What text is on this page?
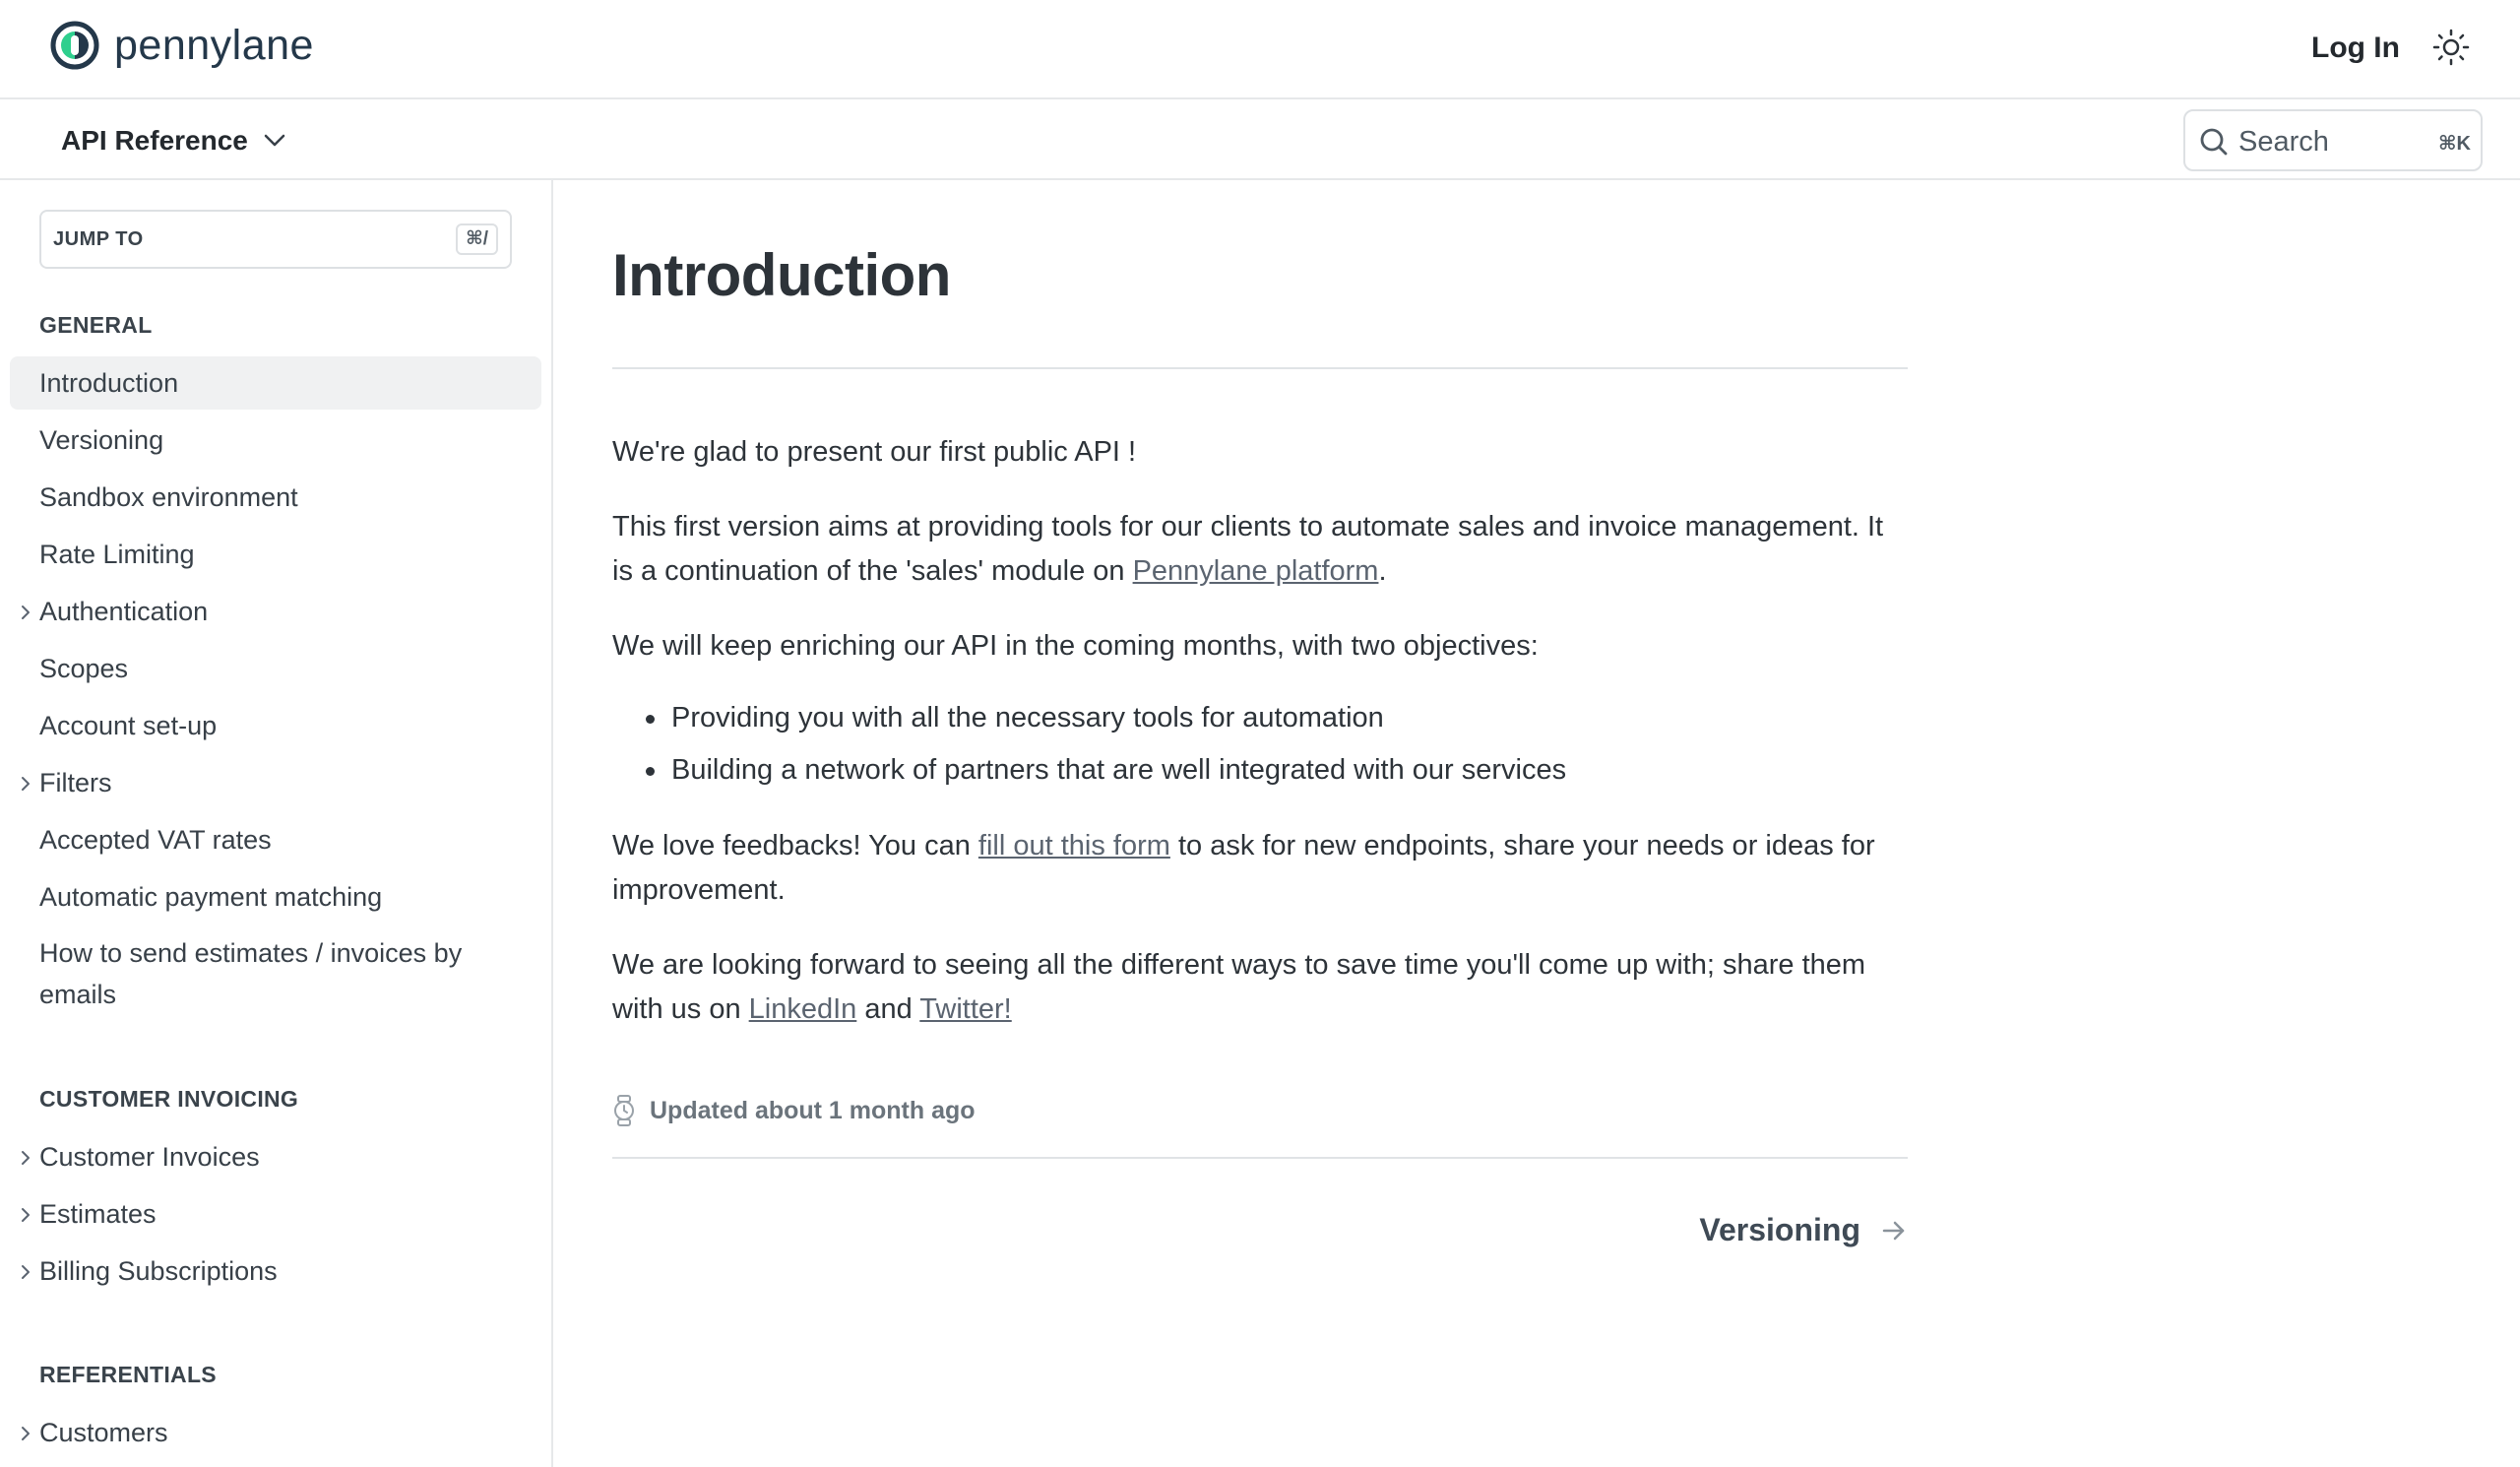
pennylane	Log In
API Reference	Search	⌘K
JUMP TO	⌘/
GENERAL
Introduction
Versioning
Sandbox environment
Rate Limiting
Authentication
Scopes
Account set-up
Filters
Accepted VAT rates
Automatic payment matching
How to send estimates / invoices by emails
CUSTOMER INVOICING
Customer Invoices
Estimates
Billing Subscriptions
REFERENTIALS
Customers
Introduction

We're glad to present our first public API !

This first version aims at providing tools for our clients to automate sales and invoice management. It is a continuation of the 'sales' module on Pennylane platform.

We will keep enriching our API in the coming months, with two objectives:

Providing you with all the necessary tools for automation
Building a network of partners that are well integrated with our services

We love feedbacks! You can fill out this form to ask for new endpoints, share your needs or ideas for improvement.

We are looking forward to seeing all the different ways to save time you'll come up with; share them with us on LinkedIn and Twitter!

Updated about 1 month ago
Versioning
